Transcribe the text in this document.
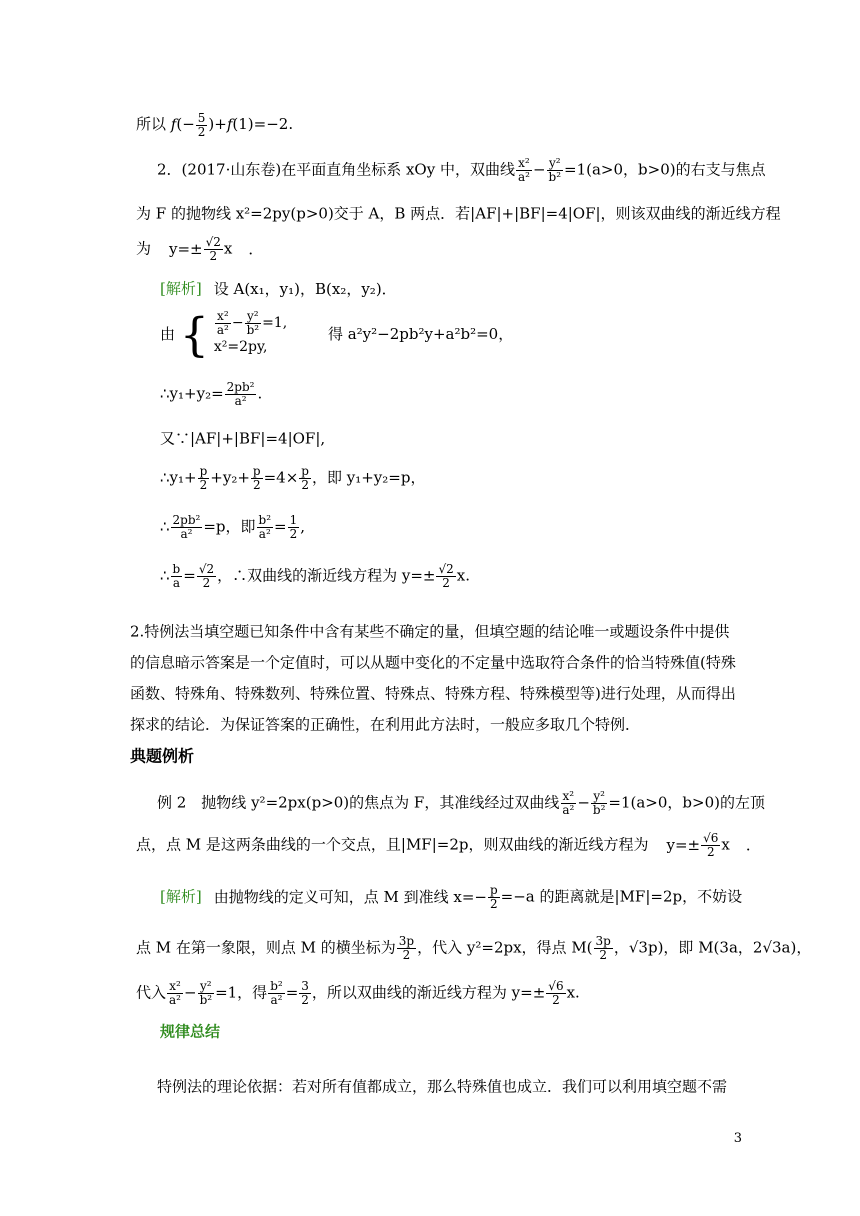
所以 $f(- \frac{5}{2} )+f(1)=-2$.
2．(2017·山东卷)在平面直角坐标系 xOy 中，双曲线 $\frac{\text{x²}}{\text{a²}} - \frac{\text{y²}}{\text{b²}} =1(a>0$，b>0)的右支与焦点
为 F 的抛物线 x²=2py(p>0)交于 A，B 两点．若|AF|+|BF|=4|OF|，则该双曲线的渐近线方程
为 $y=\pm \frac{√2}{2}$ x ．
[解析] 设 A(x₁，y₁)，B(x₂，y₂)．
由 { $\frac{\text{x²}}{\text{a²}} - \frac{\text{y²}}{\text{b²}} =1$,
x²=2py,
得 a²y²−2pb²y+a²b²=0，
∴y₁+y₂= $\frac{\text{2pb²}}{\text{a²}}$ .
又∵|AF|+|BF|=4|OF|,
∴y₁+ $\frac{p}{2} +y_2+ \frac{p}{2} =4\times \frac{p}{2}$ ，即 y₁+y₂=p，
∴ $\frac{\text{2pb²}}{\text{a²}} =p$，即 $\frac{\text{b²}}{\text{a²}} = \frac{1}{2}$ ,
∴ $\frac{b}{a} = \frac{√2}{2}$ ，∴双曲线的渐近线方程为 $y=\pm \frac{√2}{2} x$.
2.特例法当填空题已知条件中含有某些不确定的量，但填空题的结论唯一或题设条件中提供
的信息暗示答案是一个定值时，可以从题中变化的不定量中选取符合条件的恰当特殊值(特殊
函数、特殊角、特殊数列、特殊位置、特殊点、特殊方程、特殊模型等)进行处理，从而得出
探求的结论．为保证答案的正确性，在利用此方法时，一般应多取几个特例．
典题例析
例 2　抛物线 y²=2px(p>0)的焦点为 F，其准线经过双曲线 $\frac{\text{x²}}{\text{a²}} - \frac{\text{y²}}{\text{b²}} =1(a>0$，b>0)的左顶
点，点 M 是这两条曲线的一个交点，且|MF|=2p，则双曲线的渐近线方程为 $y=\pm \frac{√6}{2}$ x ．
[解析] 由抛物线的定义可知，点 M 到准线 $x=- \frac{p}{2} =-a$ 的距离就是|MF|=2p，不妨设
点 M 在第一象限，则点 M 的横坐标为 $\frac{3p}{2}$ ，代入 y²=2px，得点 $M( \frac{3p}{2}$ ，√3p)，即 M(3a，2√3a)，
代入 $\frac{\text{x²}}{\text{a²}} - \frac{\text{y²}}{\text{b²}} =1$，得 $\frac{\text{b²}}{\text{a²}} = \frac{3}{2}$ ，所以双曲线的渐近线方程为 $y=\pm \frac{√6}{2} x$.
规律总结
特例法的理论依据：若对所有值都成立，那么特殊值也成立．我们可以利用填空题不需
3
